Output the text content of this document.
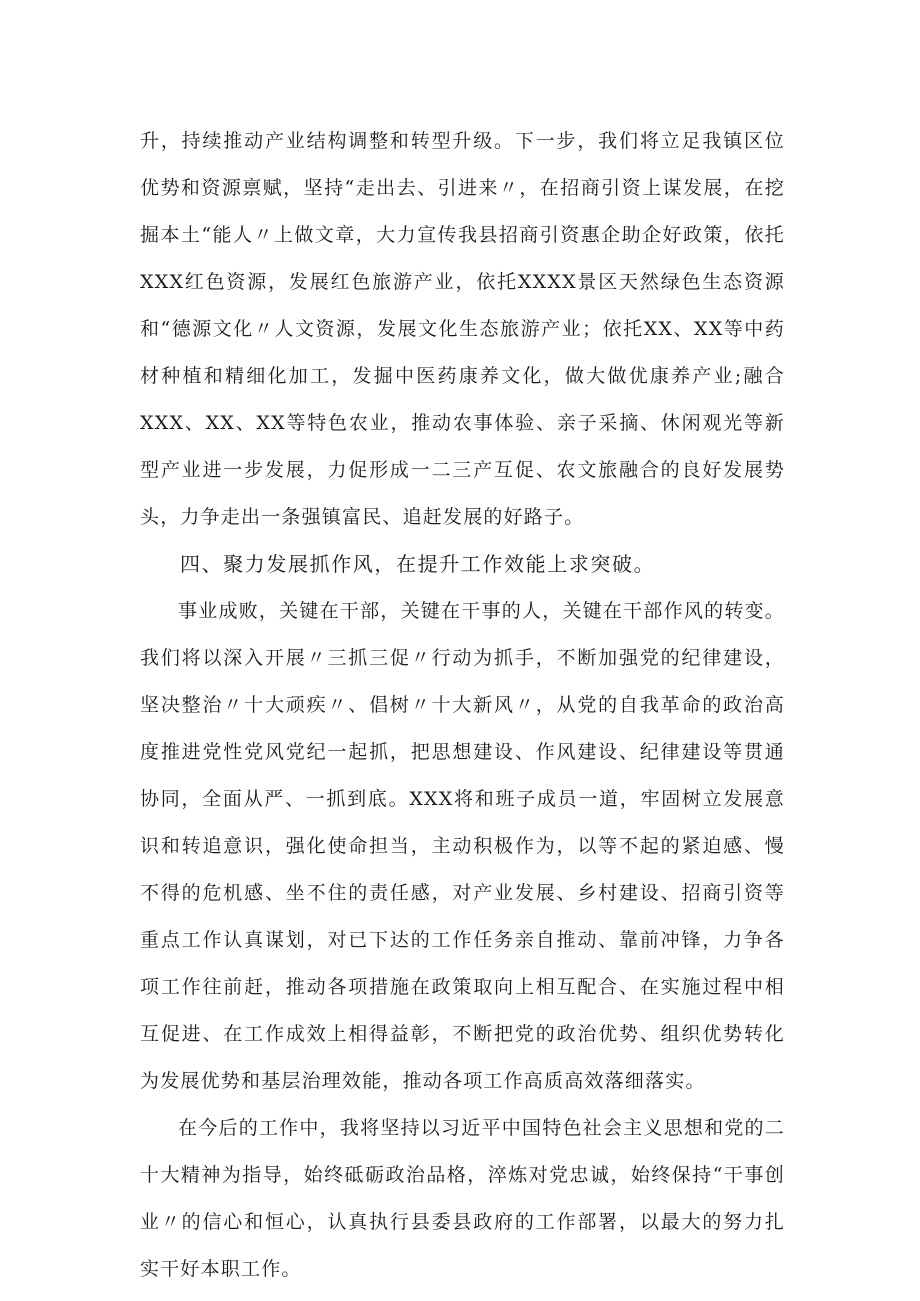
升，持续推动产业结构调整和转型升级。下一步，我们将立足我镇区位优势和资源禀赋，坚持“走出去、引进来〃，在招商引资上谋发展，在挖掘本土“能人〃上做文章，大力宣传我县招商引资惠企助企好政策，依托XXX红色资源，发展红色旅游产业，依托XXXX景区天然绿色生态资源和“德源文化〃人文资源，发展文化生态旅游产业；依托XX、XX等中药材种植和精细化加工，发掘中医药康养文化，做大做优康养产业;融合XXX、XX、XX等特色农业，推动农事体验、亲子采摘、休闲观光等新型产业进一步发展，力促形成一二三产互促、农文旅融合的良好发展势头，力争走出一条强镇富民、追赶发展的好路子。

四、聚力发展抓作风，在提升工作效能上求突破。

事业成败，关键在干部，关键在干事的人，关键在干部作风的转变。我们将以深入开展〃三抓三促〃行动为抓手，不断加强党的纪律建设，坚决整治〃十大顽疾〃、倡树〃十大新风〃，从党的自我革命的政治高度推进党性党风党纪一起抓，把思想建设、作风建设、纪律建设等贯通协同，全面从严、一抓到底。XXX将和班子成员一道，牢固树立发展意识和转追意识，强化使命担当，主动积极作为，以等不起的紧迫感、慢不得的危机感、坐不住的责任感，对产业发展、乡村建设、招商引资等重点工作认真谋划，对已下达的工作任务亲自推动、靠前冲锋，力争各项工作往前赶，推动各项措施在政策取向上相互配合、在实施过程中相互促进、在工作成效上相得益彰，不断把党的政治优势、组织优势转化为发展优势和基层治理效能，推动各项工作高质高效落细落实。

在今后的工作中，我将坚持以习近平中国特色社会主义思想和党的二十大精神为指导，始终砥砺政治品格，淬炼对党忠诚，始终保持“干事创业〃的信心和恒心，认真执行县委县政府的工作部署，以最大的努力扎实干好本职工作。
